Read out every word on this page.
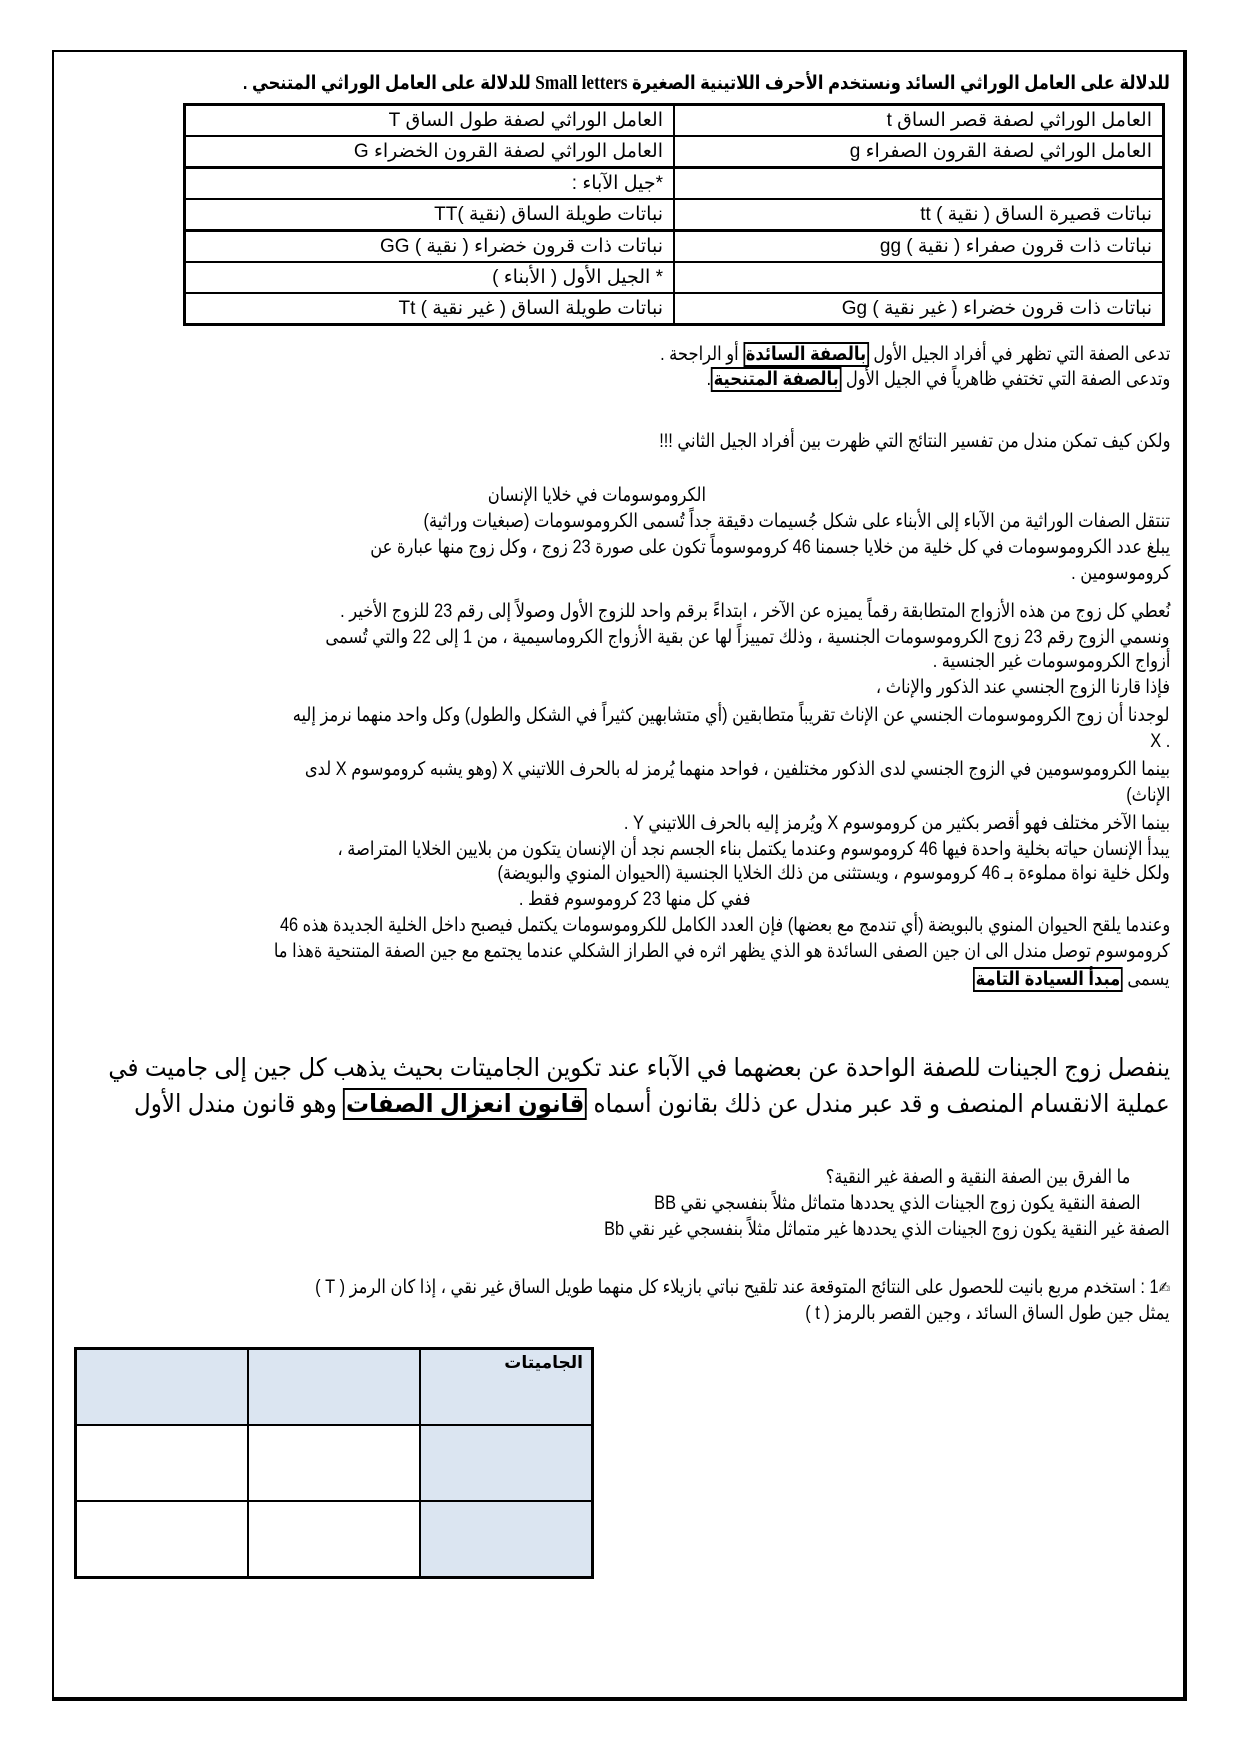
للدلالة على العامل الوراثي السائد ونستخدم الأحرف اللاتينية الصغيرة Small letters للدلالة على العامل الوراثي المتنحي .
العامل الوراثي لصفة قصر الساق t	العامل الوراثي لصفة طول الساق T
العامل الوراثي لصفة القرون الصفراء g	العامل الوراثي لصفة القرون الخضراء G
	*جيل الآباء :
نباتات قصيرة الساق ( نقية ) tt	نباتات طويلة الساق (نقية )TT
نباتات ذات قرون صفراء ( نقية ) gg	نباتات ذات قرون خضراء ( نقية ) GG
	* الجيل الأول ( الأبناء )
نباتات ذات قرون خضراء ( غير نقية ) Gg	نباتات طويلة الساق ( غير نقية ) Tt
تدعى الصفة التي تظهر في أفراد الجيل الأول بالصفة السائدة أو الراجحة .
وتدعى الصفة التي تختفي ظاهرياً في الجيل الأول بالصفة المتنحية.
ولكن كيف تمكن مندل من تفسير النتائج التي ظهرت بين أفراد الجيل الثاني !!!
الكروموسومات في خلايا الإنسان
تنتقل الصفات الوراثية من الآباء إلى الأبناء على شكل جُسيمات دقيقة جداً تُسمى الكروموسومات (صبغيات وراثية)
يبلغ عدد الكروموسومات في كل خلية من خلايا جسمنا 46 كروموسوماً تكون على صورة 23 زوج ، وكل زوج منها عبارة عن
كروموسومين .
نُعطي كل زوج من هذه الأزواج المتطابقة رقماً يميزه عن الآخر ، ابتداءً برقم واحد للزوج الأول وصولاً إلى رقم 23 للزوج الأخير .
ونسمي الزوج رقم 23 زوج الكروموسومات الجنسية ، وذلك تمييزاً لها عن بقية الأزواج الكروماسيمية ، من 1 إلى 22 والتي تُسمى
أزواج الكروموسومات غير الجنسية .
فإذا قارنا الزوج الجنسي عند الذكور والإناث ،
لوجدنا أن زوج الكروموسومات الجنسي عن الإناث تقريباً متطابقين (أي متشابهين كثيراً في الشكل والطول) وكل واحد منهما نرمز إليه
. X
بينما الكروموسومين في الزوج الجنسي لدى الذكور مختلفين ، فواحد منهما يُرمز له بالحرف اللاتيني X (وهو يشبه كروموسوم X لدى
الإناث)
بينما الآخر مختلف فهو أقصر بكثير من كروموسوم X ويُرمز إليه بالحرف اللاتيني Y .
يبدأ الإنسان حياته بخلية واحدة فيها 46 كروموسوم وعندما يكتمل بناء الجسم نجد أن الإنسان يتكون من بلايين الخلايا المتراصة ،
ولكل خلية نواة مملوءة بـ 46 كروموسوم ، ويستثنى من ذلك الخلايا الجنسية (الحيوان المنوي والبويضة)
ففي كل منها 23 كروموسوم فقط .
وعندما يلقح الحيوان المنوي بالبويضة (أي تندمج مع بعضها) فإن العدد الكامل للكروموسومات يكتمل فيصبح داخل الخلية الجديدة هذه 46
كروموسوم توصل مندل الى ان جين الصفى السائدة هو الذي يظهر اثره في الطراز الشكلي عندما يجتمع مع جين الصفة المتنحية ةهذا ما
يسمى مبدأ السيادة التامة
ينفصل زوج الجينات للصفة الواحدة عن بعضهما في الآباء عند تكوين الجاميتات بحيث يذهب كل جين إلى جاميت في
عملية الانقسام المنصف و قد عبر مندل عن ذلك بقانون أسماه قانون انعزال الصفات وهو قانون مندل الأول
ما الفرق بين الصفة النقية و الصفة غير النقية؟
الصفة النقية يكون زوج الجينات الذي يحددها متماثل مثلاً بنفسجي نقي BB
الصفة غير النقية يكون زوج الجينات الذي يحددها غير متماثل مثلاً بنفسجي غير نقي Bb
✍1 : استخدم مربع بانيت للحصول على النتائج المتوقعة عند تلقيح نباتي بازيلاء كل منهما طويل الساق غير نقي ، إذا كان الرمز ( T )
يمثل جين طول الساق السائد ، وجين القصر بالرمز ( t )
الجاميتات		
